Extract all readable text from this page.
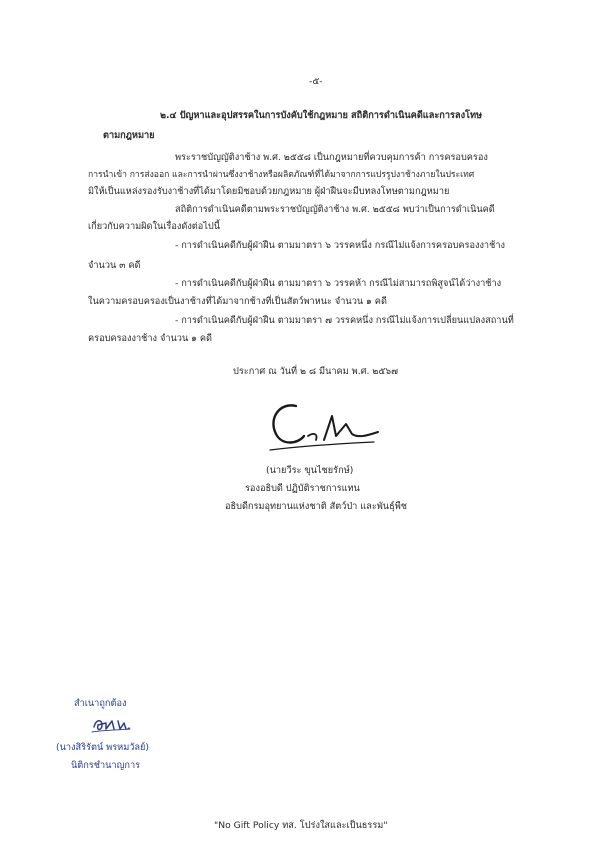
-๕-
๒.๔ ปัญหาและอุปสรรคในการบังคับใช้กฎหมาย สถิติการดำเนินคดีและการลงโทษ
ตามกฎหมาย
พระราชบัญญัติงาช้าง พ.ศ. ๒๕๕๘ เป็นกฎหมายที่ควบคุมการค้า การครอบครอง
การนำเข้า การส่งออก และการนำผ่านซึ่งงาช้างหรือผลิตภัณฑ์ที่ได้มาจากการแปรรูปงาช้างภายในประเทศ
มิให้เป็นแหล่งรองรับงาช้างที่ได้มาโดยมิชอบด้วยกฎหมาย ผู้ฝ่าฝืนจะมีบทลงโทษตามกฎหมาย
สถิติการดำเนินคดีตามพระราชบัญญัติงาช้าง พ.ศ. ๒๕๕๘ พบว่าเป็นการดำเนินคดี
เกี่ยวกับความผิดในเรื่องดังต่อไปนี้
- การดำเนินคดีกับผู้ฝ่าฝืน ตามมาตรา ๖ วรรคหนึ่ง กรณีไม่แจ้งการครอบครองงาช้าง
จำนวน ๓ คดี
- การดำเนินคดีกับผู้ฝ่าฝืน ตามมาตรา ๖ วรรคห้า กรณีไม่สามารถพิสูจน์ได้ว่างาช้าง
ในความครอบครองเป็นงาช้างที่ได้มาจากช้างที่เป็นสัตว์พาหนะ จำนวน ๑ คดี
- การดำเนินคดีกับผู้ฝ่าฝืน ตามมาตรา ๗ วรรคหนึ่ง กรณีไม่แจ้งการเปลี่ยนแปลงสถานที่
ครอบครองงาช้าง จำนวน ๑ คดี
ประกาศ ณ วันที่ ๒ ๘ มีนาคม พ.ศ. ๒๕๖๗
(นายวีระ ขุนไชยรักษ์)
รองอธิบดี ปฏิบัติราชการแทน
อธิบดีกรมอุทยานแห่งชาติ สัตว์ป่า และพันธุ์พืช
สำเนาถูกต้อง
(นางสิริรัตน์ พรหมวัลย์)
นิติกรชำนาญการ
"No Gift Policy ทส. โปร่งใสและเป็นธรรม"
